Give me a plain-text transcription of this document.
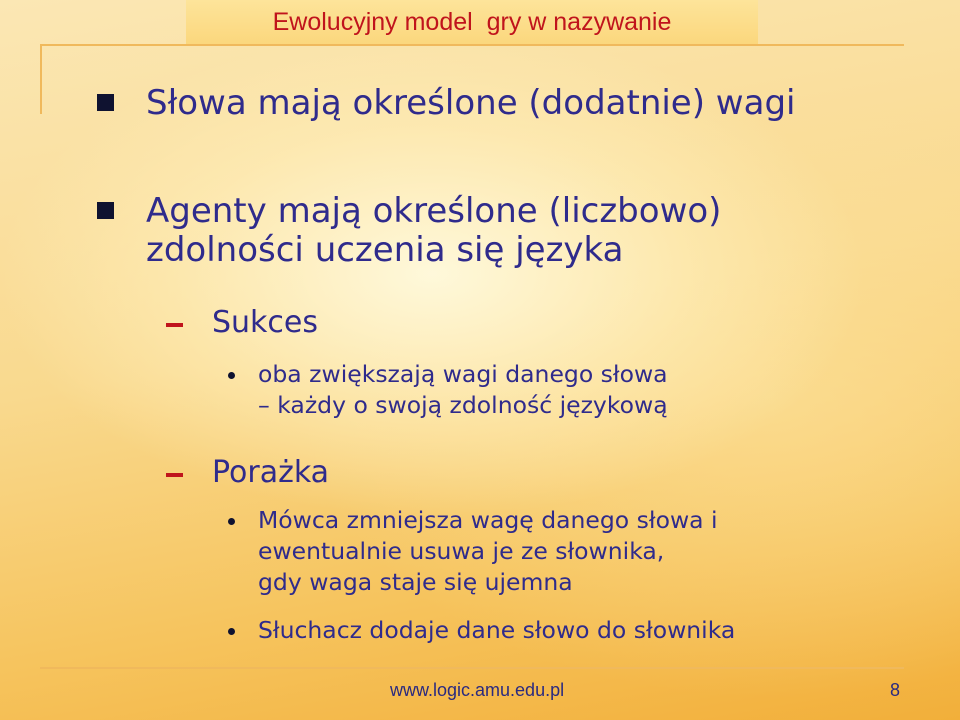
Ewolucyjny model  gry w nazywanie
Słowa mają określone (dodatnie) wagi
Agenty mają określone (liczbowo)
zdolności uczenia się języka
Sukces

oba zwiększają wagi danego słowa

– każdy o swoją zdolność językową

Porażka

Mówca zmniejsza wagę danego słowa i

ewentualnie usuwa je ze słownika,

gdy waga staje się ujemna

Słuchacz dodaje dane słowo do słownika

www.logic.amu.edu.pl	8
